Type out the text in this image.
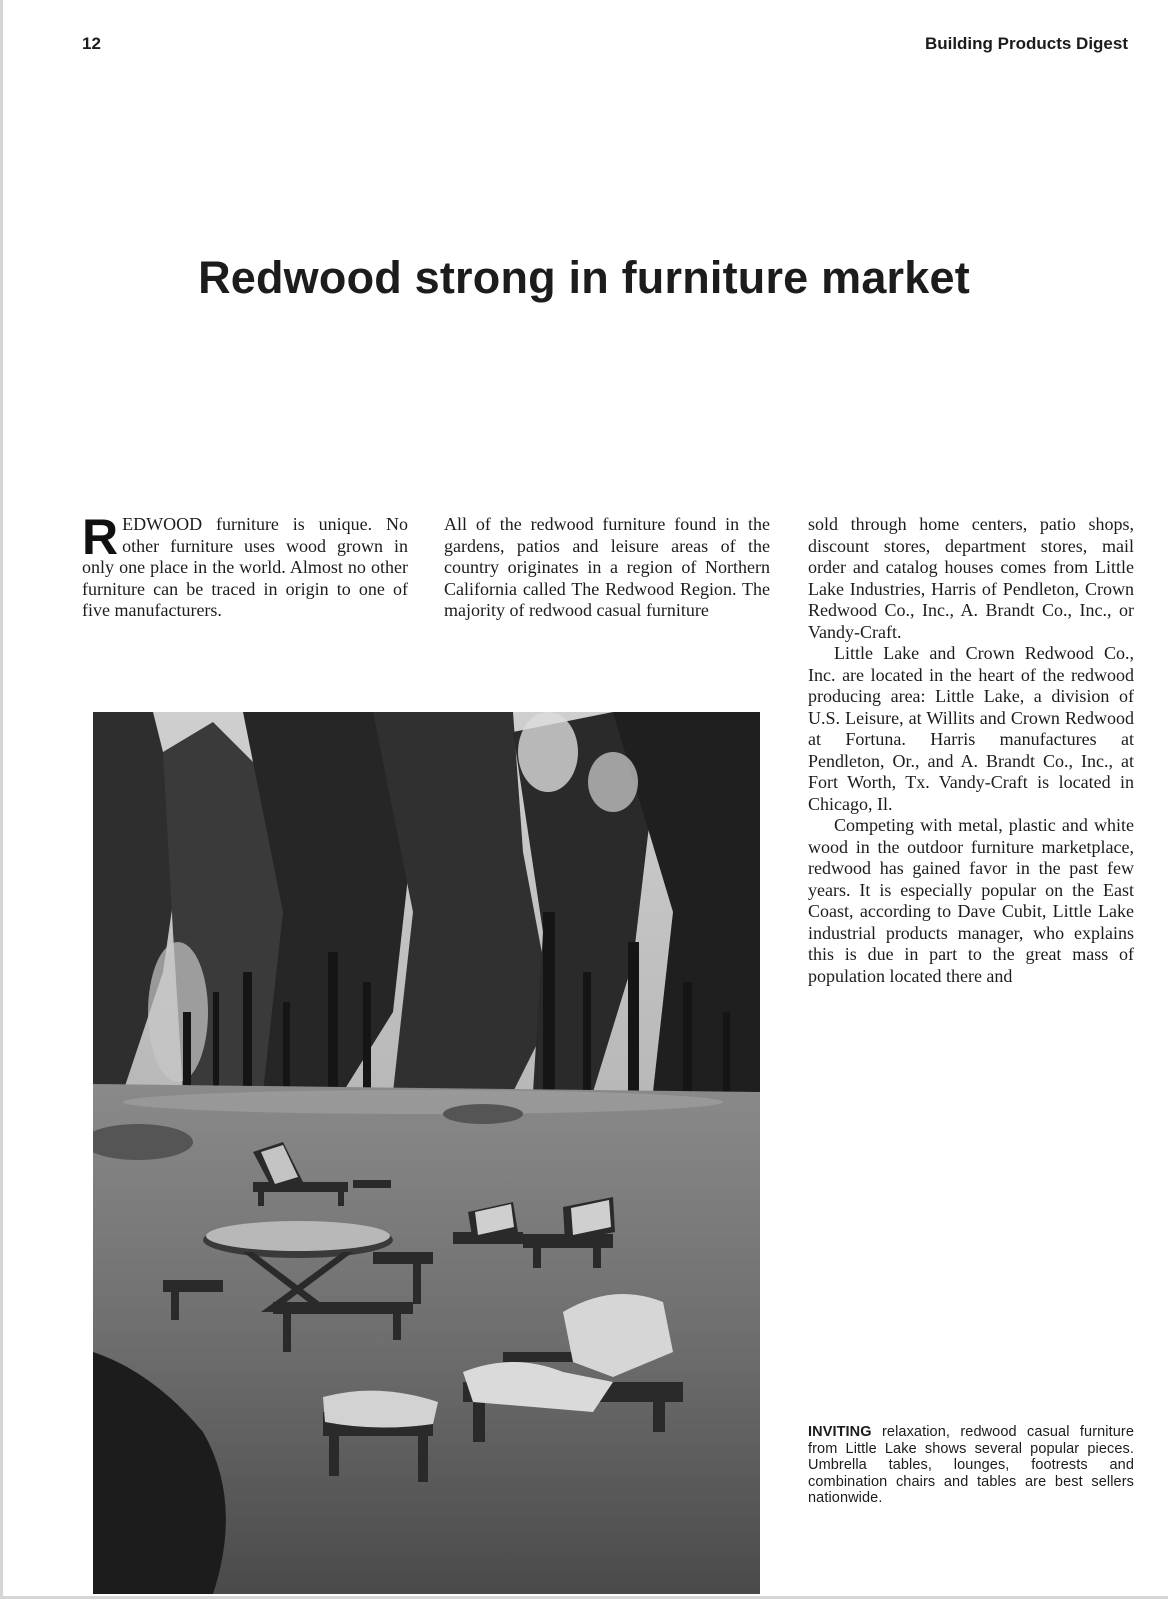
12	Building Products Digest
Redwood strong in furniture market

REDWOOD furniture is unique. No other furniture uses wood grown in only one place in the world. Almost no other furniture can be traced in origin to one of five manufacturers.

All of the redwood furniture found in the gardens, patios and leisure areas of the country originates in a region of Northern California called The Redwood Region. The majority of redwood casual furniture

sold through home centers, patio shops, discount stores, department stores, mail order and catalog houses comes from Little Lake Industries, Harris of Pendleton, Crown Redwood Co., Inc., A. Brandt Co., Inc., or Vandy-Craft.

Little Lake and Crown Redwood Co., Inc. are located in the heart of the redwood producing area: Little Lake, a division of U.S. Leisure, at Willits and Crown Redwood at Fortuna. Harris manufactures at Pendleton, Or., and A. Brandt Co., Inc., at Fort Worth, Tx. Vandy-Craft is located in Chicago, Il.

Competing with metal, plastic and white wood in the outdoor furniture marketplace, redwood has gained favor in the past few years. It is especially popular on the East Coast, according to Dave Cubit, Little Lake industrial products manager, who explains this is due in part to the great mass of population located there and

INVITING relaxation, redwood casual furniture from Little Lake shows several popular pieces. Umbrella tables, lounges, footrests and combination chairs and tables are best sellers nationwide.
